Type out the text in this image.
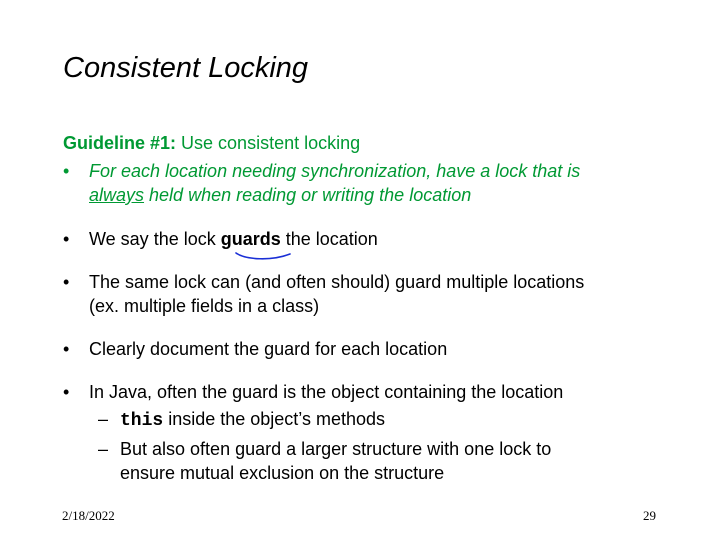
Consistent Locking
Guideline #1: Use consistent locking
• For each location needing synchronization, have a lock that is
always held when reading or writing the location
• We say the lock guards the location
• The same lock can (and often should) guard multiple locations
(ex. multiple fields in a class)
• Clearly document the guard for each location
• In Java, often the guard is the object containing the location
– this inside the object’s methods
– But also often guard a larger structure with one lock to
ensure mutual exclusion on the structure
2/18/2022	29
